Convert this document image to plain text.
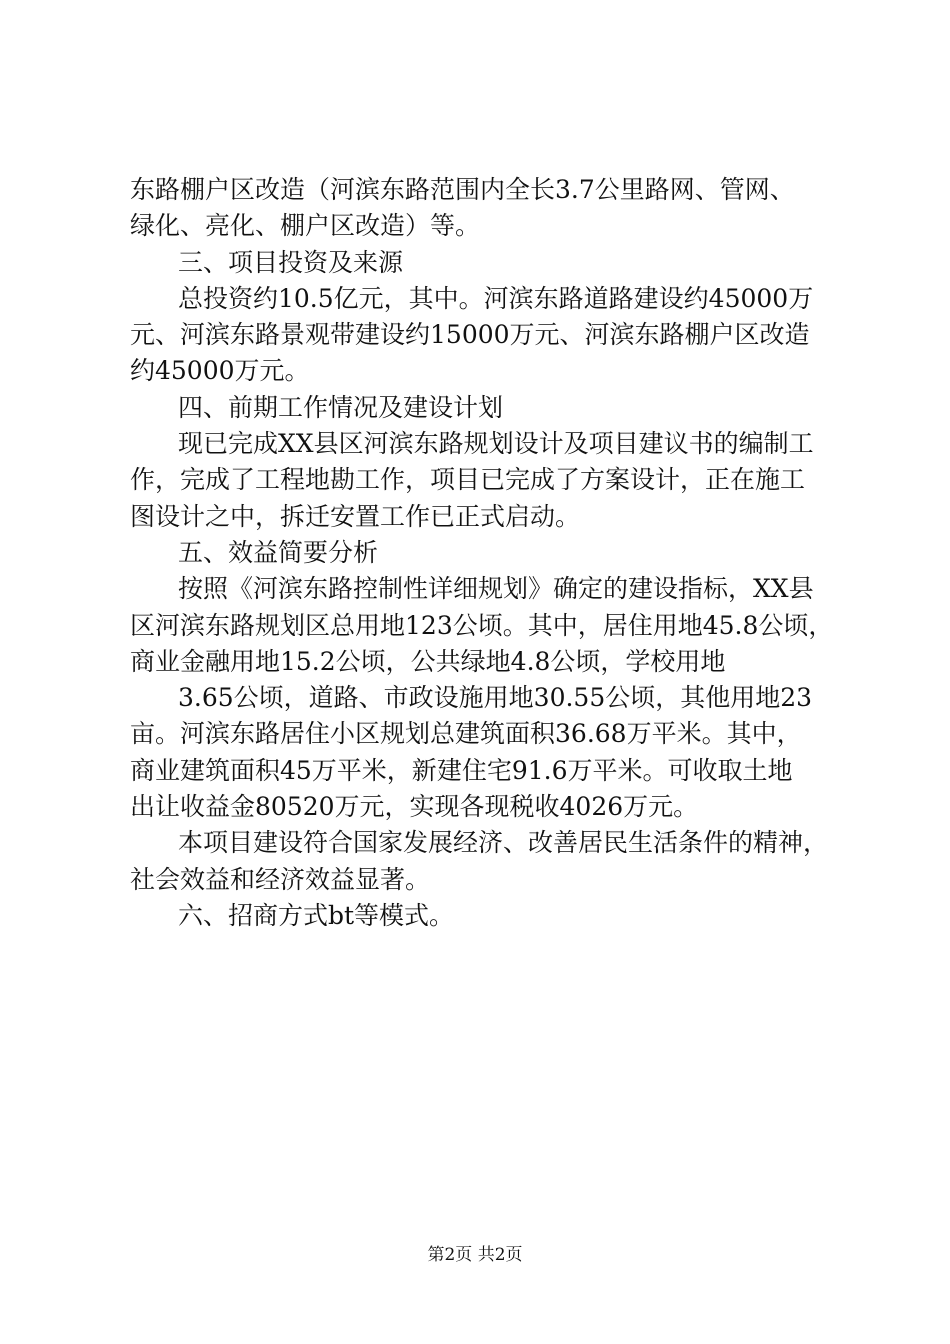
东路棚户区改造（河滨东路范围内全长3.7公里路网、管网、
绿化、亮化、棚户区改造）等。
三、项目投资及来源
总投资约10.5亿元，其中。河滨东路道路建设约45000万
元、河滨东路景观带建设约15000万元、河滨东路棚户区改造
约45000万元。
四、前期工作情况及建设计划
现已完成XX县区河滨东路规划设计及项目建议书的编制工
作，完成了工程地勘工作，项目已完成了方案设计，正在施工
图设计之中，拆迁安置工作已正式启动。
五、效益简要分析
按照《河滨东路控制性详细规划》确定的建设指标，XX县
区河滨东路规划区总用地123公顷。其中，居住用地45.8公顷，
商业金融用地15.2公顷，公共绿地4.8公顷，学校用地
3.65公顷，道路、市政设施用地30.55公顷，其他用地23
亩。河滨东路居住小区规划总建筑面积36.68万平米。其中，
商业建筑面积45万平米，新建住宅91.6万平米。可收取土地
出让收益金80520万元，实现各现税收4026万元。
本项目建设符合国家发展经济、改善居民生活条件的精神，
社会效益和经济效益显著。
六、招商方式bt等模式。
第2页 共2页
